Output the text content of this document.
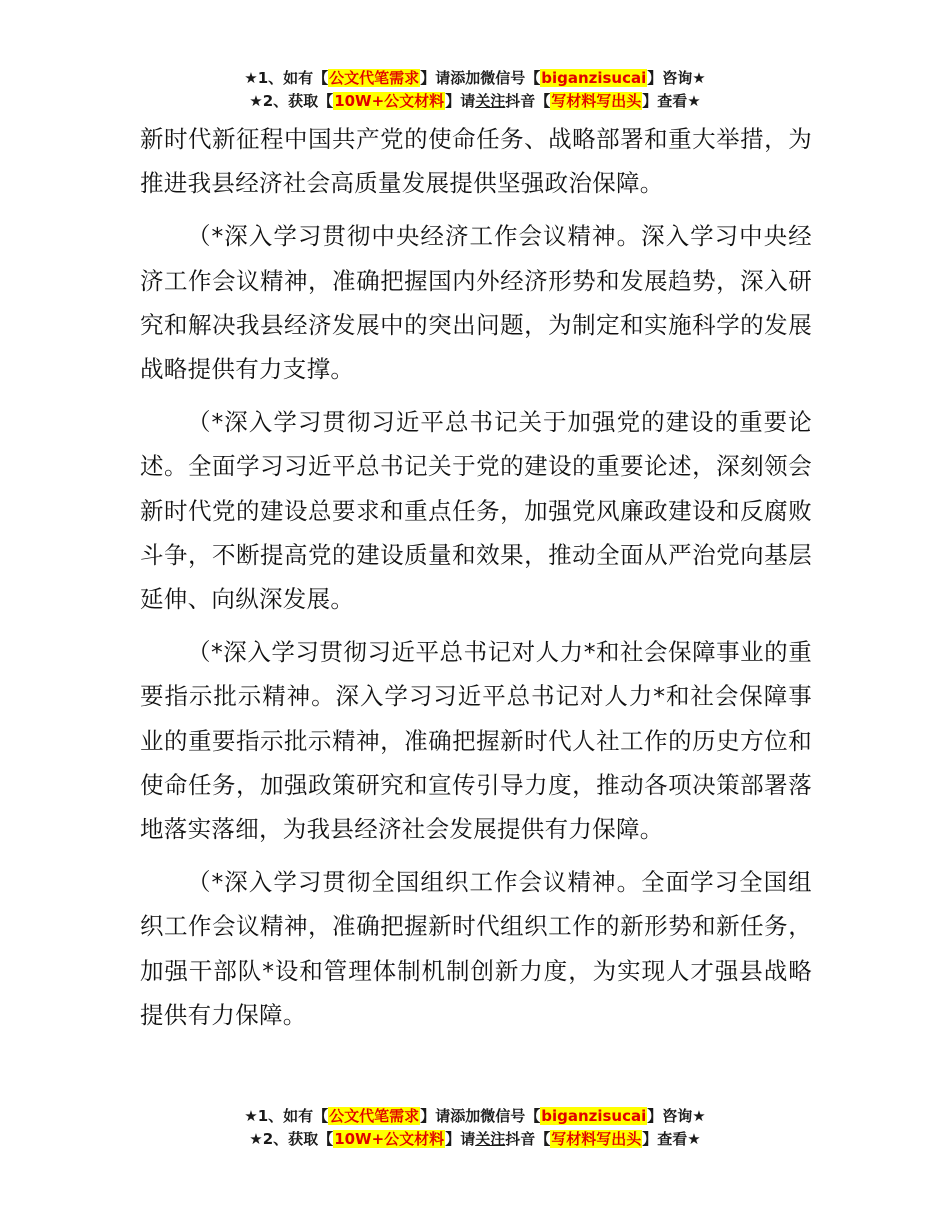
★1、如有【公文代笔需求】请添加微信号【biganzisucai】咨询★
★2、获取【10W+公文材料】请关注抖音【写材料写出头】查看★

新时代新征程中国共产党的使命任务、战略部署和重大举措，为推进我县经济社会高质量发展提供坚强政治保障。

（*深入学习贯彻中央经济工作会议精神。深入学习中央经济工作会议精神，准确把握国内外经济形势和发展趋势，深入研究和解决我县经济发展中的突出问题，为制定和实施科学的发展战略提供有力支撑。

（*深入学习贯彻习近平总书记关于加强党的建设的重要论述。全面学习习近平总书记关于党的建设的重要论述，深刻领会新时代党的建设总要求和重点任务，加强党风廉政建设和反腐败斗争，不断提高党的建设质量和效果，推动全面从严治党向基层延伸、向纵深发展。

（*深入学习贯彻习近平总书记对人力*和社会保障事业的重要指示批示精神。深入学习习近平总书记对人力*和社会保障事业的重要指示批示精神，准确把握新时代人社工作的历史方位和使命任务，加强政策研究和宣传引导力度，推动各项决策部署落地落实落细，为我县经济社会发展提供有力保障。

（*深入学习贯彻全国组织工作会议精神。全面学习全国组织工作会议精神，准确把握新时代组织工作的新形势和新任务，加强干部队*设和管理体制机制创新力度，为实现人才强县战略提供有力保障。

★1、如有【公文代笔需求】请添加微信号【biganzisucai】咨询★
★2、获取【10W+公文材料】请关注抖音【写材料写出头】查看★
